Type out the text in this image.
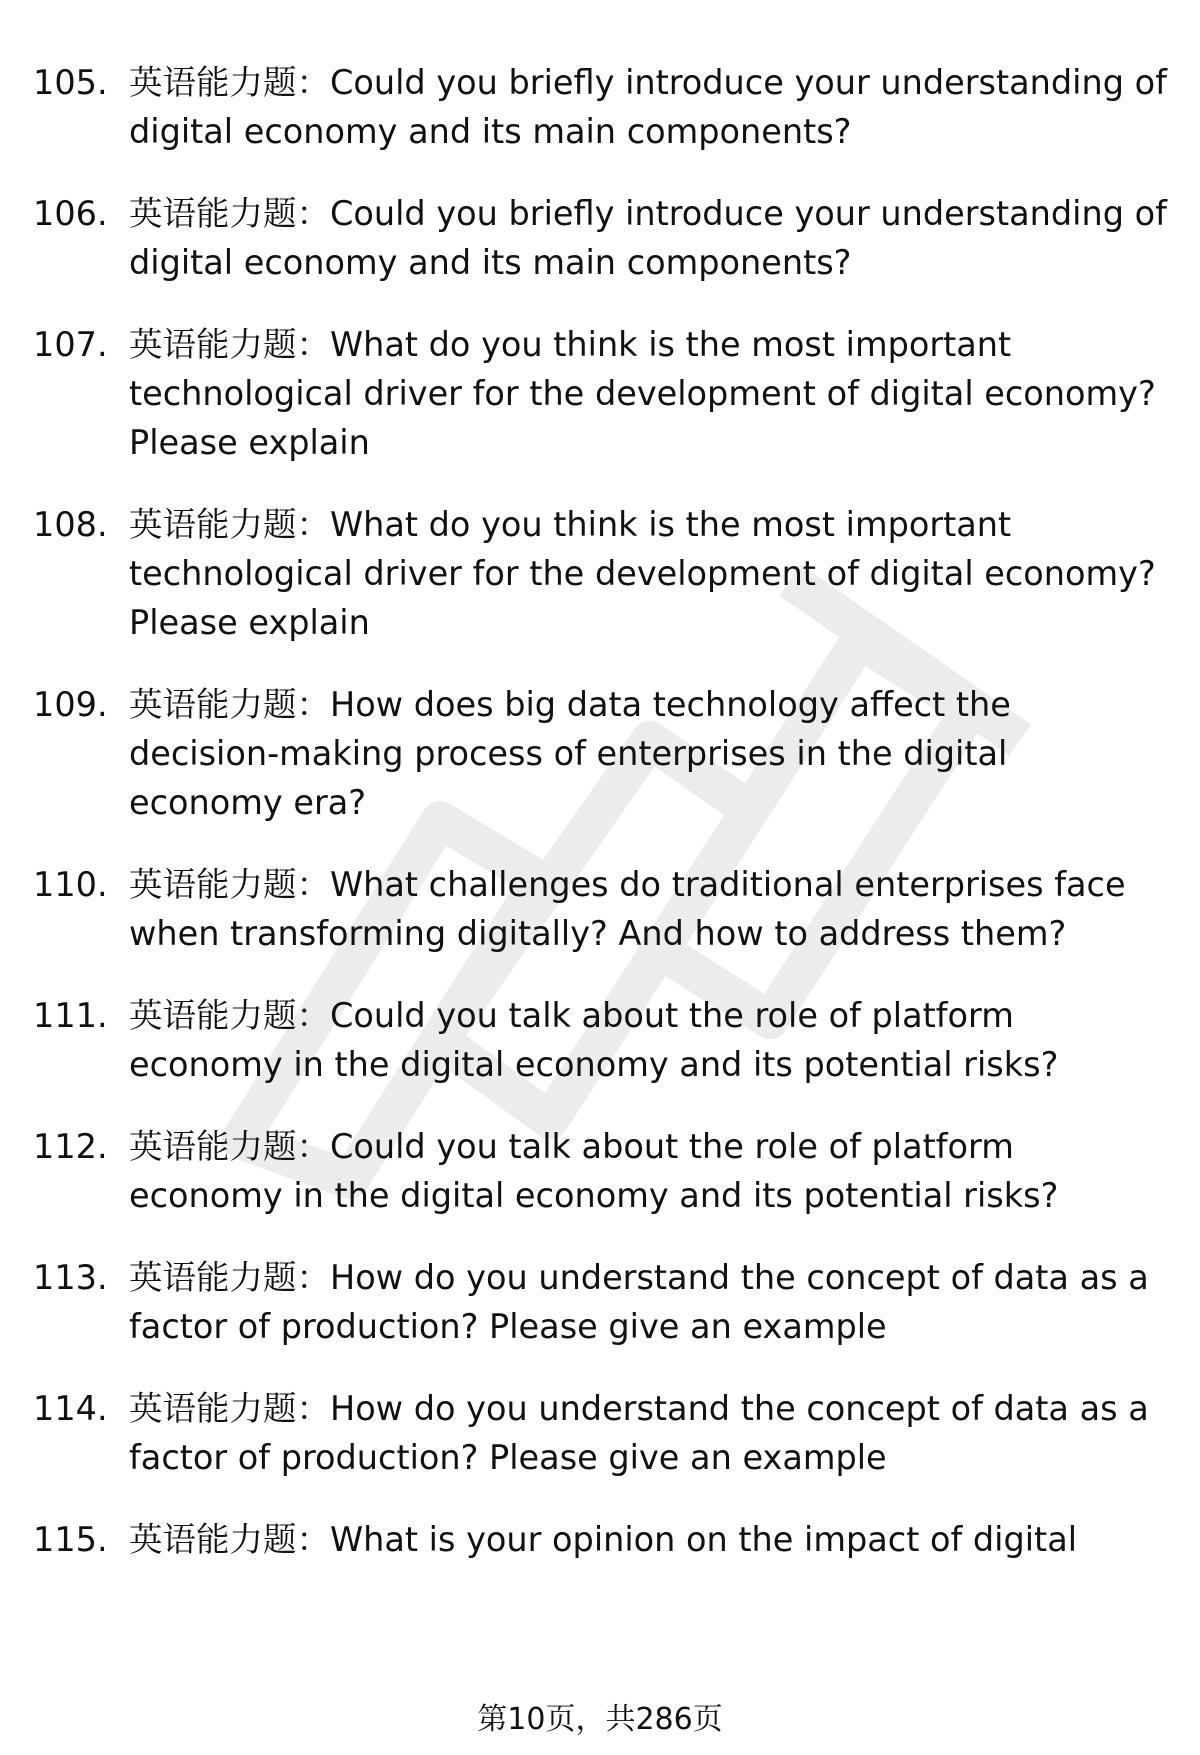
105. 英语能力题：Could you briefly introduce your understanding of digital economy and its main components?
106. 英语能力题：Could you briefly introduce your understanding of digital economy and its main components?
107. 英语能力题：What do you think is the most important technological driver for the development of digital economy? Please explain
108. 英语能力题：What do you think is the most important technological driver for the development of digital economy? Please explain
109. 英语能力题：How does big data technology affect the decision-making process of enterprises in the digital economy era?
110. 英语能力题：What challenges do traditional enterprises face when transforming digitally? And how to address them?
111. 英语能力题：Could you talk about the role of platform economy in the digital economy and its potential risks?
112. 英语能力题：Could you talk about the role of platform economy in the digital economy and its potential risks?
113. 英语能力题：How do you understand the concept of data as a factor of production? Please give an example
114. 英语能力题：How do you understand the concept of data as a factor of production? Please give an example
115. 英语能力题：What is your opinion on the impact of digital
第10页，共286页
